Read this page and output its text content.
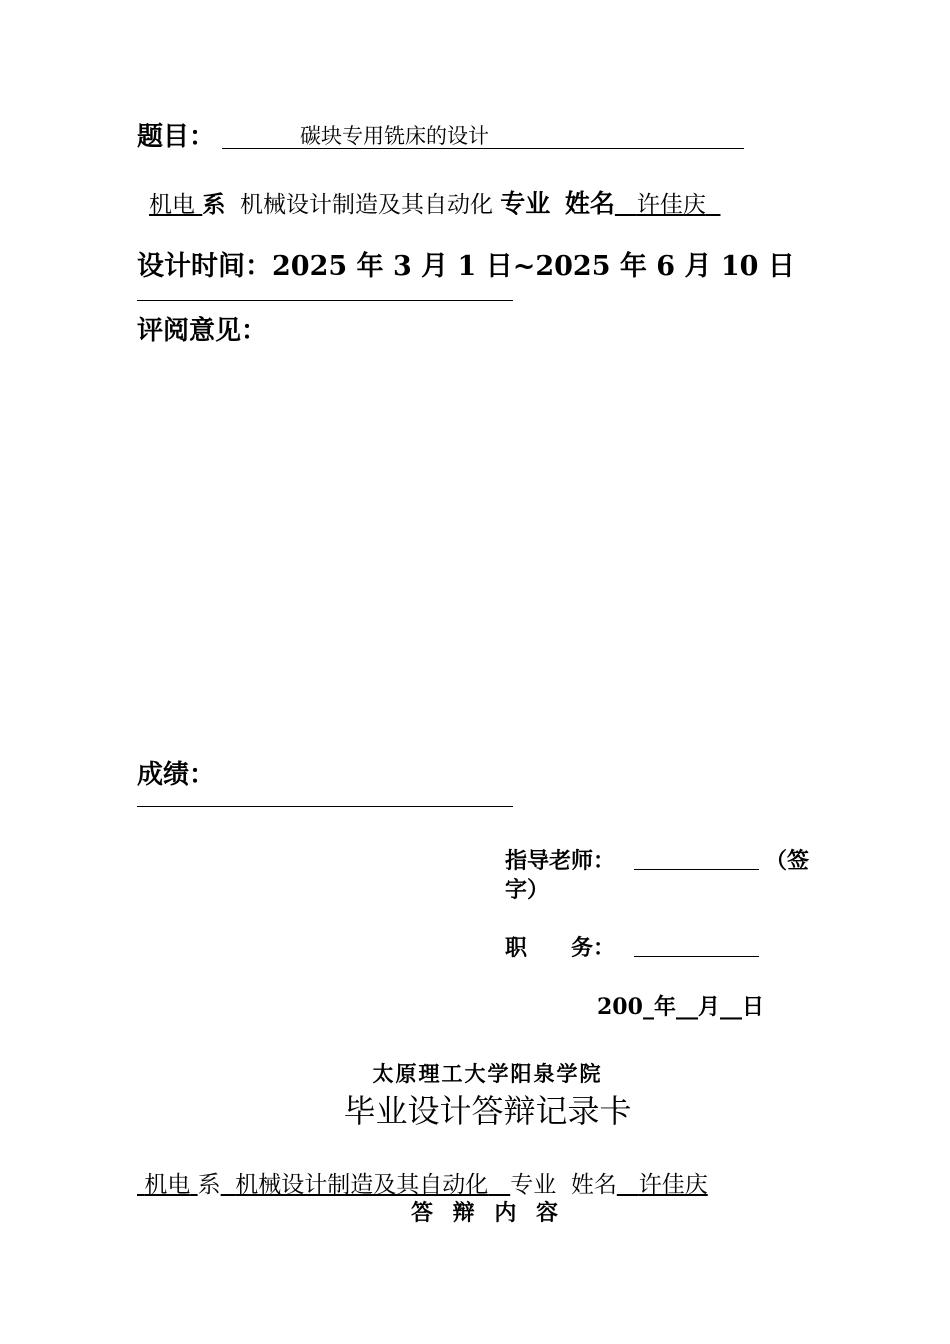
题目：	碳块专用铣床的设计
机电 系 机械设计制造及其自动化 专业 姓名 许佳庆
设计时间：2025 年 3 月 1 日~2025 年 6 月 10 日
评阅意见：
成绩：
指导老师：	（签
字）
职　　务：
200_年__月__日
太原理工大学阳泉学院
毕业设计答辩记录卡
机电 系 机械设计制造及其自动化 专业 姓名 许佳庆
答 辩 内 容
